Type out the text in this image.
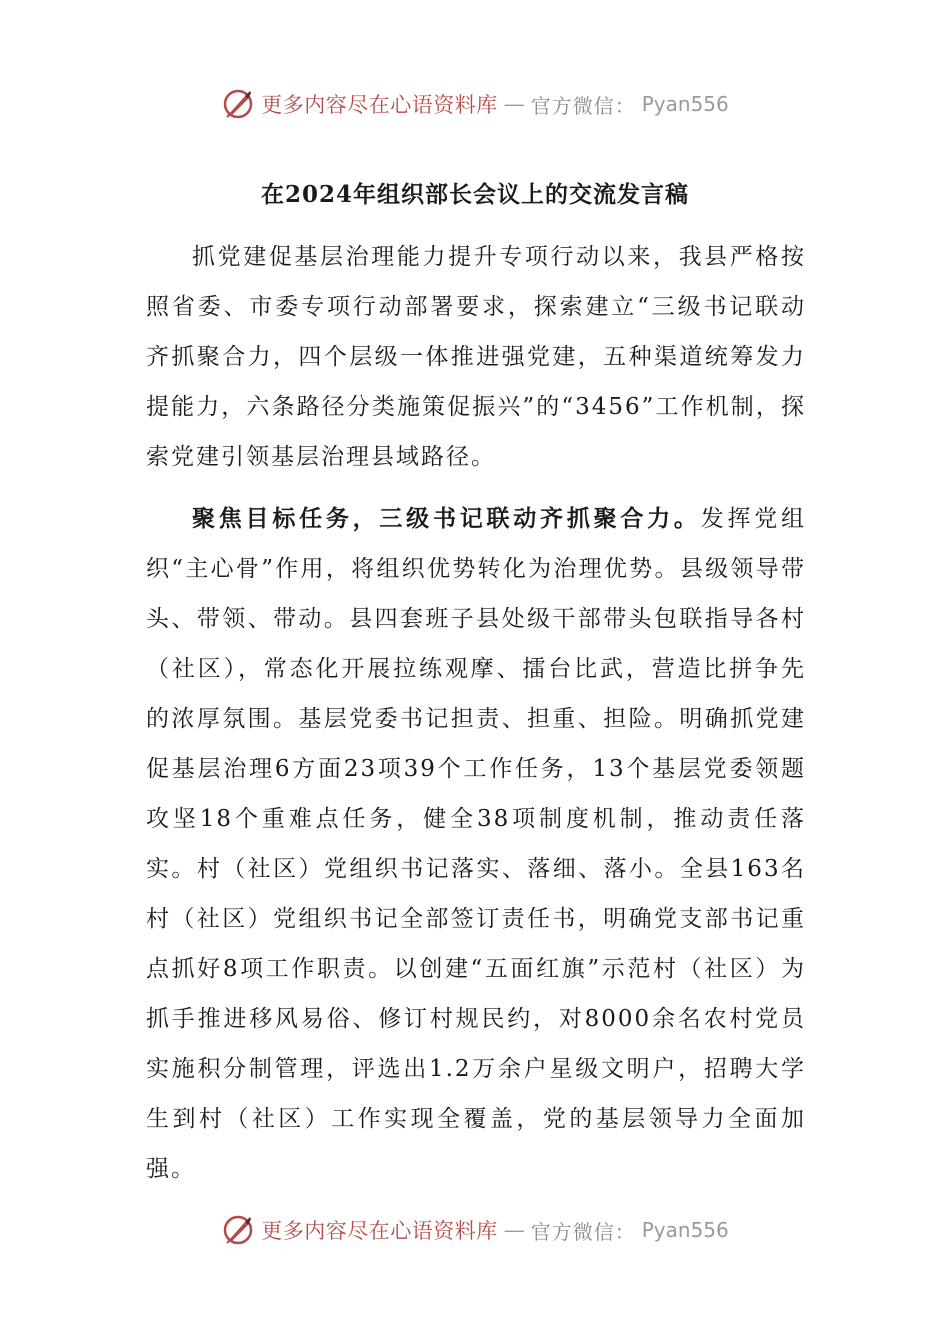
更多内容尽在心语资料库 — 官方微信： Pyan556
在2024年组织部长会议上的交流发言稿

抓党建促基层治理能力提升专项行动以来，我县严格按照省委、市委专项行动部署要求，探索建立“三级书记联动齐抓聚合力，四个层级一体推进强党建，五种渠道统筹发力提能力，六条路径分类施策促振兴”的“3456”工作机制，探索党建引领基层治理县域路径。

聚焦目标任务，三级书记联动齐抓聚合力。发挥党组织“主心骨”作用，将组织优势转化为治理优势。县级领导带头、带领、带动。县四套班子县处级干部带头包联指导各村（社区），常态化开展拉练观摩、擂台比武，营造比拼争先的浓厚氛围。基层党委书记担责、担重、担险。明确抓党建促基层治理6方面23项39个工作任务，13个基层党委领题攻坚18个重难点任务，健全38项制度机制，推动责任落实。村（社区）党组织书记落实、落细、落小。全县163名村（社区）党组织书记全部签订责任书，明确党支部书记重点抓好8项工作职责。以创建“五面红旗”示范村（社区）为抓手推进移风易俗、修订村规民约，对8000余名农村党员实施积分制管理，评选出1.2万余户星级文明户，招聘大学生到村（社区）工作实现全覆盖，党的基层领导力全面加强。

更多内容尽在心语资料库 — 官方微信： Pyan556
